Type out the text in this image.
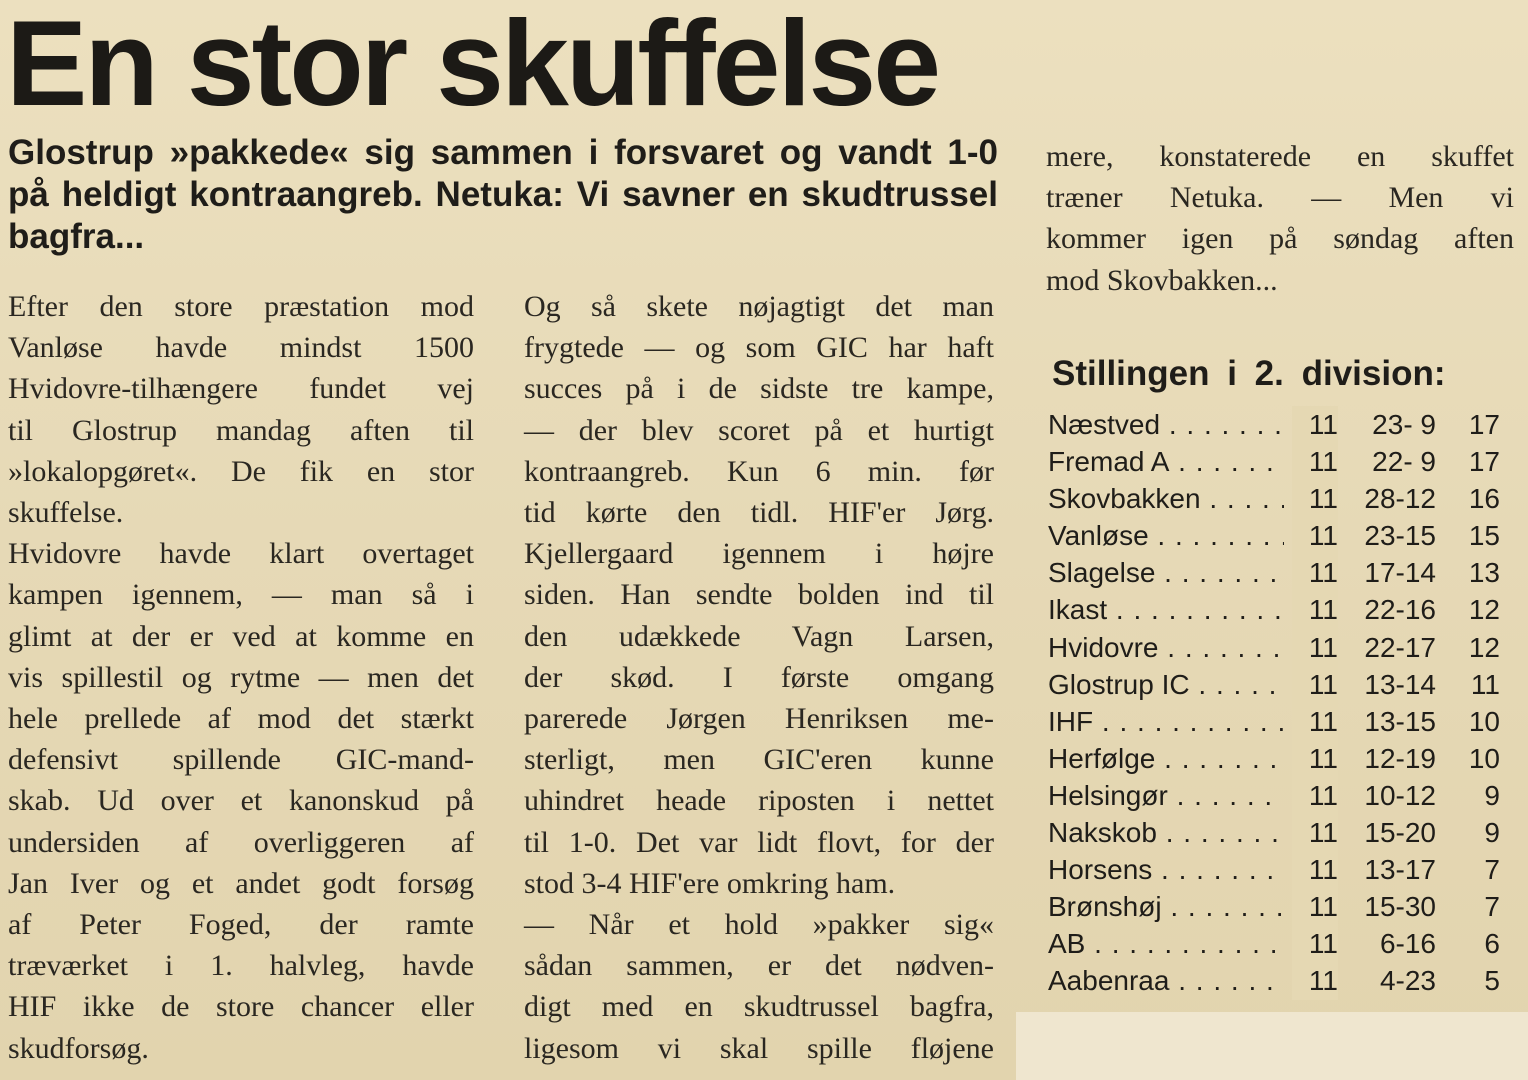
En stor skuffelse
Glostrup »pakkede« sig sammen i forsvaret og vandt 1-0 på heldigt kontraangreb. Netuka: Vi savner en skudtrussel bagfra...

Efter den store præstation mod

Vanløse havde mindst 1500

Hvidovre-tilhængere fundet vej

til Glostrup mandag aften til

»lokalopgøret«. De fik en stor

skuffelse.

Hvidovre havde klart overtaget

kampen igennem, — man så i

glimt at der er ved at komme en

vis spillestil og rytme — men det

hele prellede af mod det stærkt

defensivt spillende GIC-mand-

skab. Ud over et kanonskud på

undersiden af overliggeren af

Jan Iver og et andet godt forsøg

af Peter Foged, der ramte

træværket i 1. halvleg, havde

HIF ikke de store chancer eller

skudforsøg.

Og så skete nøjagtigt det man

frygtede — og som GIC har haft

succes på i de sidste tre kampe,

— der blev scoret på et hurtigt

kontraangreb. Kun 6 min. før

tid kørte den tidl. HIF'er Jørg.

Kjellergaard igennem i højre

siden. Han sendte bolden ind til

den udækkede Vagn Larsen,

der skød. I første omgang

parerede Jørgen Henriksen me-

sterligt, men GIC'eren kunne

uhindret heade riposten i nettet

til 1-0. Det var lidt flovt, for der

stod 3-4 HIF'ere omkring ham.

— Når et hold »pakker sig«

sådan sammen, er det nødven-

digt med en skudtrussel bagfra,

ligesom vi skal spille fløjene

mere, konstaterede en skuffet

træner Netuka. — Men vi

kommer igen på søndag aften

mod Skovbakken...

Stillingen i 2. division:
Næstved . . .	11	23- 9	17
Fremad A . . .	11	22- 9	17
Skovbakken . . .	11 28-12	16
Vanløse . . .	11 23-15	15
Slagelse . . .	11 17-14	13
Ikast . . .	11 22-16	12
Hvidovre . . .	11 22-17	12
Glostrup IC . . .	11 13-14	11
IHF . . .	11 13-15	10
Herfølge . . .	11 12-19	10
Helsingør . . .	11 10-12	9
Nakskob . . .	11 15-20	9
Horsens . . .	11 13-17	7
Brønshøj . . .	11 15-30	7
AB . . .	11	6-16	6
Aabenraa . . .	11	4-23	5
